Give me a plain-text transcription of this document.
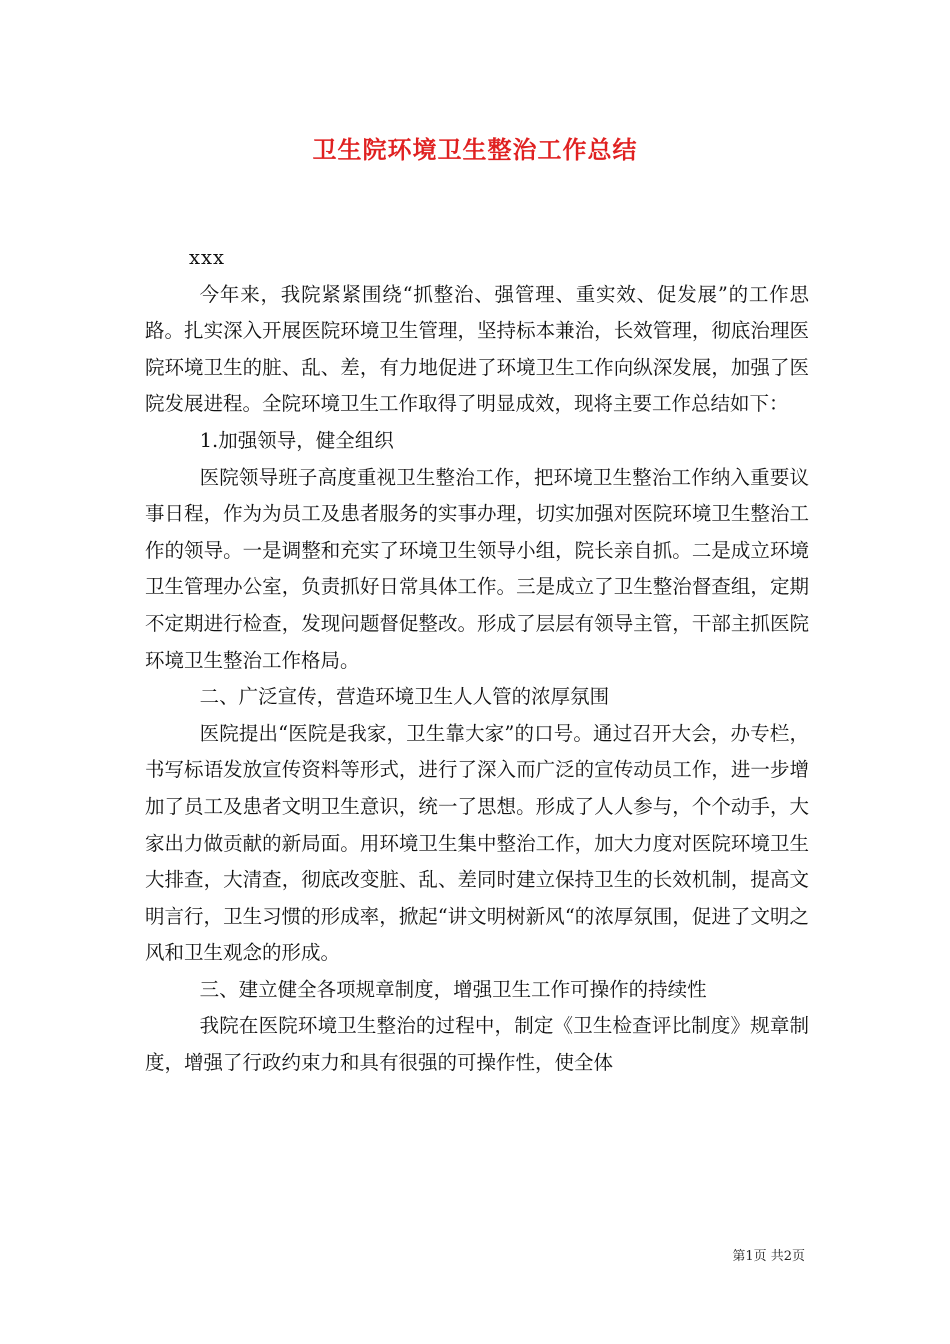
卫生院环境卫生整治工作总结

xxx

今年来，我院紧紧围绕“抓整治、强管理、重实效、促发展”的工作思路。扎实深入开展医院环境卫生管理，坚持标本兼治，长效管理，彻底治理医院环境卫生的脏、乱、差，有力地促进了环境卫生工作向纵深发展，加强了医院发展进程。全院环境卫生工作取得了明显成效，现将主要工作总结如下：

1.加强领导，健全组织

医院领导班子高度重视卫生整治工作，把环境卫生整治工作纳入重要议事日程，作为为员工及患者服务的实事办理，切实加强对医院环境卫生整治工作的领导。一是调整和充实了环境卫生领导小组，院长亲自抓。二是成立环境卫生管理办公室，负责抓好日常具体工作。三是成立了卫生整治督查组，定期不定期进行检查，发现问题督促整改。形成了层层有领导主管，干部主抓医院环境卫生整治工作格局。

二、广泛宣传，营造环境卫生人人管的浓厚氛围

医院提出“医院是我家，卫生靠大家”的口号。通过召开大会，办专栏，书写标语发放宣传资料等形式，进行了深入而广泛的宣传动员工作，进一步增加了员工及患者文明卫生意识，统一了思想。形成了人人参与，个个动手，大家出力做贡献的新局面。用环境卫生集中整治工作，加大力度对医院环境卫生大排查，大清查，彻底改变脏、乱、差同时建立保持卫生的长效机制，提高文明言行，卫生习惯的形成率，掀起“讲文明树新风“的浓厚氛围，促进了文明之风和卫生观念的形成。

三、建立健全各项规章制度，增强卫生工作可操作的持续性

我院在医院环境卫生整治的过程中，制定《卫生检查评比制度》规章制度，增强了行政约束力和具有很强的可操作性，使全体

第1页 共2页
